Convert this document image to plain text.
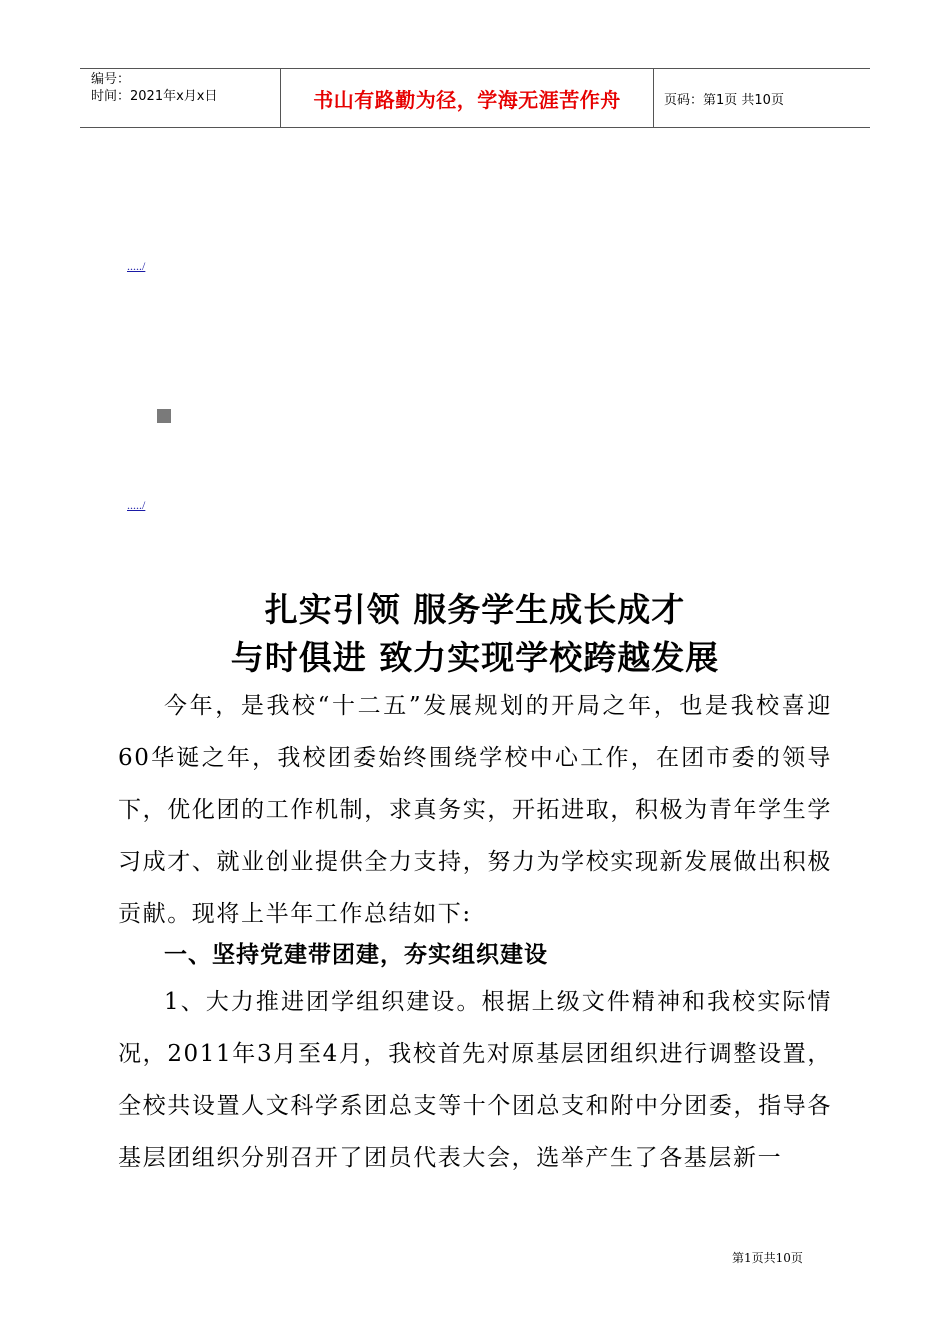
编号：
时间：2021年x月x日	书山有路勤为径，学海无涯苦作舟	页码：第1页 共10页
...../
...../
扎实引领 服务学生成长成才
与时俱进 致力实现学校跨越发展

今年，是我校“十二五”发展规划的开局之年，也是我校喜迎60华诞之年，我校团委始终围绕学校中心工作，在团市委的领导下，优化团的工作机制，求真务实，开拓进取，积极为青年学生学习成才、就业创业提供全力支持，努力为学校实现新发展做出积极贡献。现将上半年工作总结如下:

一、坚持党建带团建，夯实组织建设

1、大力推进团学组织建设。根据上级文件精神和我校实际情况，2011年3月至4月，我校首先对原基层团组织进行调整设置，全校共设置人文科学系团总支等十个团总支和附中分团委，指导各基层团组织分别召开了团员代表大会，选举产生了各基层新一

第1页共10页
